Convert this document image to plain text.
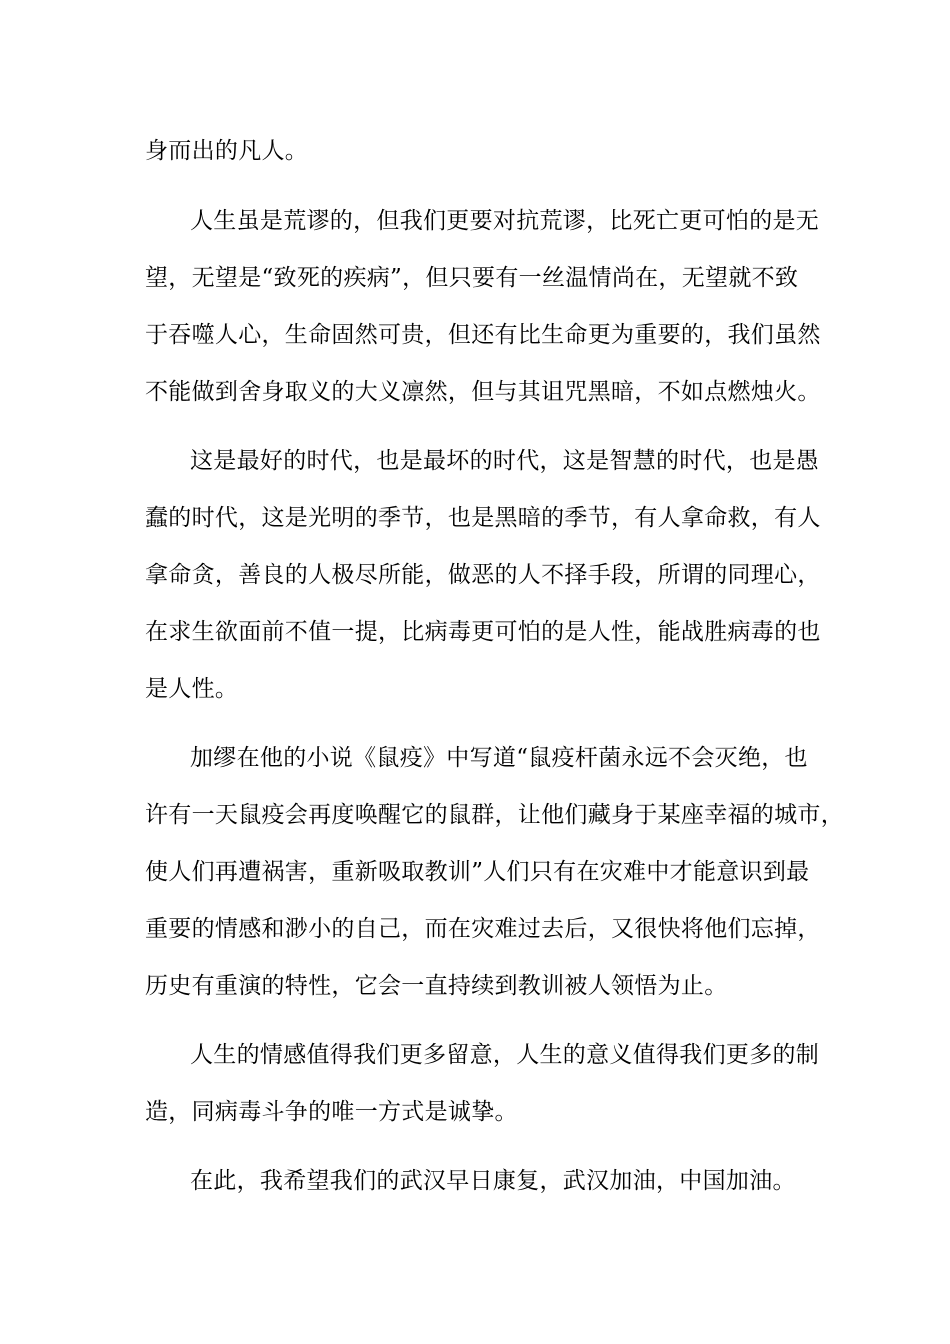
身而出的凡人。
人生虽是荒谬的，但我们更要对抗荒谬，比死亡更可怕的是无
望，无望是“致死的疾病”，但只要有一丝温情尚在，无望就不致
于吞噬人心，生命固然可贵，但还有比生命更为重要的，我们虽然
不能做到舍身取义的大义凛然，但与其诅咒黑暗，不如点燃烛火。
这是最好的时代，也是最坏的时代，这是智慧的时代，也是愚
蠢的时代，这是光明的季节，也是黑暗的季节，有人拿命救，有人
拿命贪，善良的人极尽所能，做恶的人不择手段，所谓的同理心，
在求生欲面前不值一提，比病毒更可怕的是人性，能战胜病毒的也
是人性。
加缪在他的小说《鼠疫》中写道“鼠疫杆菌永远不会灭绝，也
许有一天鼠疫会再度唤醒它的鼠群，让他们藏身于某座幸福的城市，
使人们再遭祸害，重新吸取教训”人们只有在灾难中才能意识到最
重要的情感和渺小的自己，而在灾难过去后，又很快将他们忘掉，
历史有重演的特性，它会一直持续到教训被人领悟为止。
人生的情感值得我们更多留意，人生的意义值得我们更多的制
造，同病毒斗争的唯一方式是诚挚。
在此，我希望我们的武汉早日康复，武汉加油，中国加油。
